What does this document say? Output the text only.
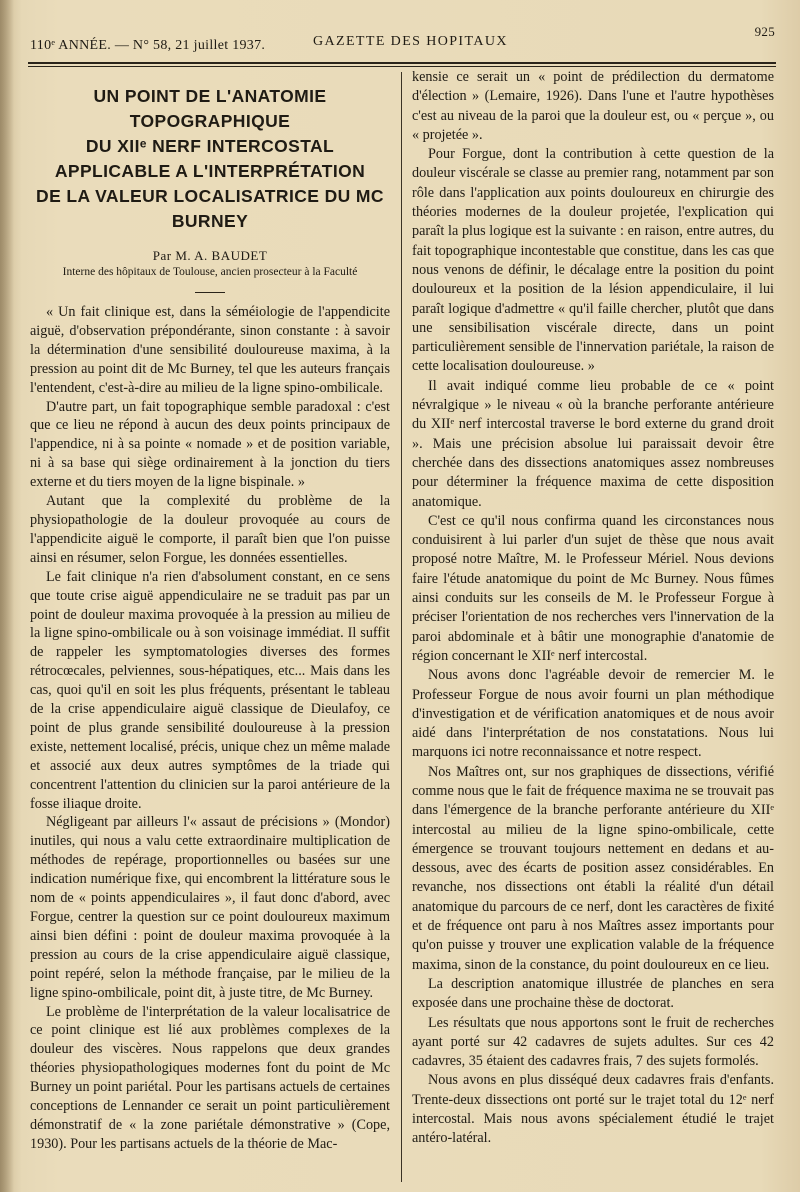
110ᵉ ANNÉE. — N° 58, 21 juillet 1937.	GAZETTE DES HOPITAUX
925
UN POINT DE L'ANATOMIE TOPOGRAPHIQUE
DU XIIᵉ NERF INTERCOSTAL
APPLICABLE A L'INTERPRÉTATION
DE LA VALEUR LOCALISATRICE DU MC BURNEY
Par M. A. BAUDET
Interne des hôpitaux de Toulouse, ancien prosecteur à la Faculté

« Un fait clinique est, dans la séméiologie de l'appendicite aiguë, d'observation prépondérante, sinon constante : à savoir la détermination d'une sensibilité douloureuse maxima, à la pression au point dit de Mc Burney, tel que les auteurs français l'entendent, c'est-à-dire au milieu de la ligne spino-ombilicale.

D'autre part, un fait topographique semble paradoxal : c'est que ce lieu ne répond à aucun des deux points principaux de l'appendice, ni à sa pointe « nomade » et de position variable, ni à sa base qui siège ordinairement à la jonction du tiers externe et du tiers moyen de la ligne bispinale. »

Autant que la complexité du problème de la physiopathologie de la douleur provoquée au cours de l'appendicite aiguë le comporte, il paraît bien que l'on puisse ainsi en résumer, selon Forgue, les données essentielles.

Le fait clinique n'a rien d'absolument constant, en ce sens que toute crise aiguë appendiculaire ne se traduit pas par un point de douleur maxima provoquée à la pression au milieu de la ligne spino-ombilicale ou à son voisinage immédiat. Il suffit de rappeler les symptomatologies diverses des formes rétrocœcales, pelviennes, sous-hépatiques, etc... Mais dans les cas, quoi qu'il en soit les plus fréquents, présentant le tableau de la crise appendiculaire aiguë classique de Dieulafoy, ce point de plus grande sensibilité douloureuse à la pression existe, nettement localisé, précis, unique chez un même malade et associé aux deux autres symptômes de la triade qui concentrent l'attention du clinicien sur la paroi antérieure de la fosse iliaque droite.

Négligeant par ailleurs l'« assaut de précisions » (Mondor) inutiles, qui nous a valu cette extraordinaire multiplication de méthodes de repérage, proportionnelles ou basées sur une indication numérique fixe, qui encombrent la littérature sous le nom de « points appendiculaires », il faut donc d'abord, avec Forgue, centrer la question sur ce point douloureux maximum ainsi bien défini : point de douleur maxima provoquée à la pression au cours de la crise appendiculaire aiguë classique, point repéré, selon la méthode française, par le milieu de la ligne spino-ombilicale, point dit, à juste titre, de Mc Burney.

Le problème de l'interprétation de la valeur localisatrice de ce point clinique est lié aux problèmes complexes de la douleur des viscères. Nous rappelons que deux grandes théories physiopathologiques modernes font du point de Mc Burney un point pariétal. Pour les partisans actuels de certaines conceptions de Lennander ce serait un point particulièrement démonstratif de « la zone pariétale démonstrative » (Cope, 1930). Pour les partisans actuels de la théorie de Mac-

kensie ce serait un « point de prédilection du dermatome d'élection » (Lemaire, 1926). Dans l'une et l'autre hypothèses c'est au niveau de la paroi que la douleur est, ou « perçue », ou « projetée ».

Pour Forgue, dont la contribution à cette question de la douleur viscérale se classe au premier rang, notamment par son rôle dans l'application aux points douloureux en chirurgie des théories modernes de la douleur projetée, l'explication qui paraît la plus logique est la suivante : en raison, entre autres, du fait topographique incontestable que constitue, dans les cas que nous venons de définir, le décalage entre la position du point douloureux et la position de la lésion appendiculaire, il lui paraît logique d'admettre « qu'il faille chercher, plutôt que dans une sensibilisation viscérale directe, dans un point particulièrement sensible de l'innervation pariétale, la raison de cette localisation douloureuse. »

Il avait indiqué comme lieu probable de ce « point névralgique » le niveau « où la branche perforante antérieure du XIIᵉ nerf intercostal traverse le bord externe du grand droit ». Mais une précision absolue lui paraissait devoir être cherchée dans des dissections anatomiques assez nombreuses pour déterminer la fréquence maxima de cette disposition anatomique.

C'est ce qu'il nous confirma quand les circonstances nous conduisirent à lui parler d'un sujet de thèse que nous avait proposé notre Maître, M. le Professeur Mériel. Nous devions faire l'étude anatomique du point de Mc Burney. Nous fûmes ainsi conduits sur les conseils de M. le Professeur Forgue à préciser l'orientation de nos recherches vers l'innervation de la paroi abdominale et à bâtir une monographie d'anatomie de région concernant le XIIᵉ nerf intercostal.

Nous avons donc l'agréable devoir de remercier M. le Professeur Forgue de nous avoir fourni un plan méthodique d'investigation et de vérification anatomiques et de nous avoir aidé dans l'interprétation de nos constatations. Nous lui marquons ici notre reconnaissance et notre respect.

Nos Maîtres ont, sur nos graphiques de dissections, vérifié comme nous que le fait de fréquence maxima ne se trouvait pas dans l'émergence de la branche perforante antérieure du XIIᵉ intercostal au milieu de la ligne spino-ombilicale, cette émergence se trouvant toujours nettement en dedans et au-dessous, avec des écarts de position assez considérables. En revanche, nos dissections ont établi la réalité d'un détail anatomique du parcours de ce nerf, dont les caractères de fixité et de fréquence ont paru à nos Maîtres assez importants pour qu'on puisse y trouver une explication valable de la fréquence maxima, sinon de la constance, du point douloureux en ce lieu.

La description anatomique illustrée de planches en sera exposée dans une prochaine thèse de doctorat.

Les résultats que nous apportons sont le fruit de recherches ayant porté sur 42 cadavres de sujets adultes. Sur ces 42 cadavres, 35 étaient des cadavres frais, 7 des sujets formolés.

Nous avons en plus disséqué deux cadavres frais d'enfants. Trente-deux dissections ont porté sur le trajet total du 12ᵉ nerf intercostal. Mais nous avons spécialement étudié le trajet antéro-latéral.
